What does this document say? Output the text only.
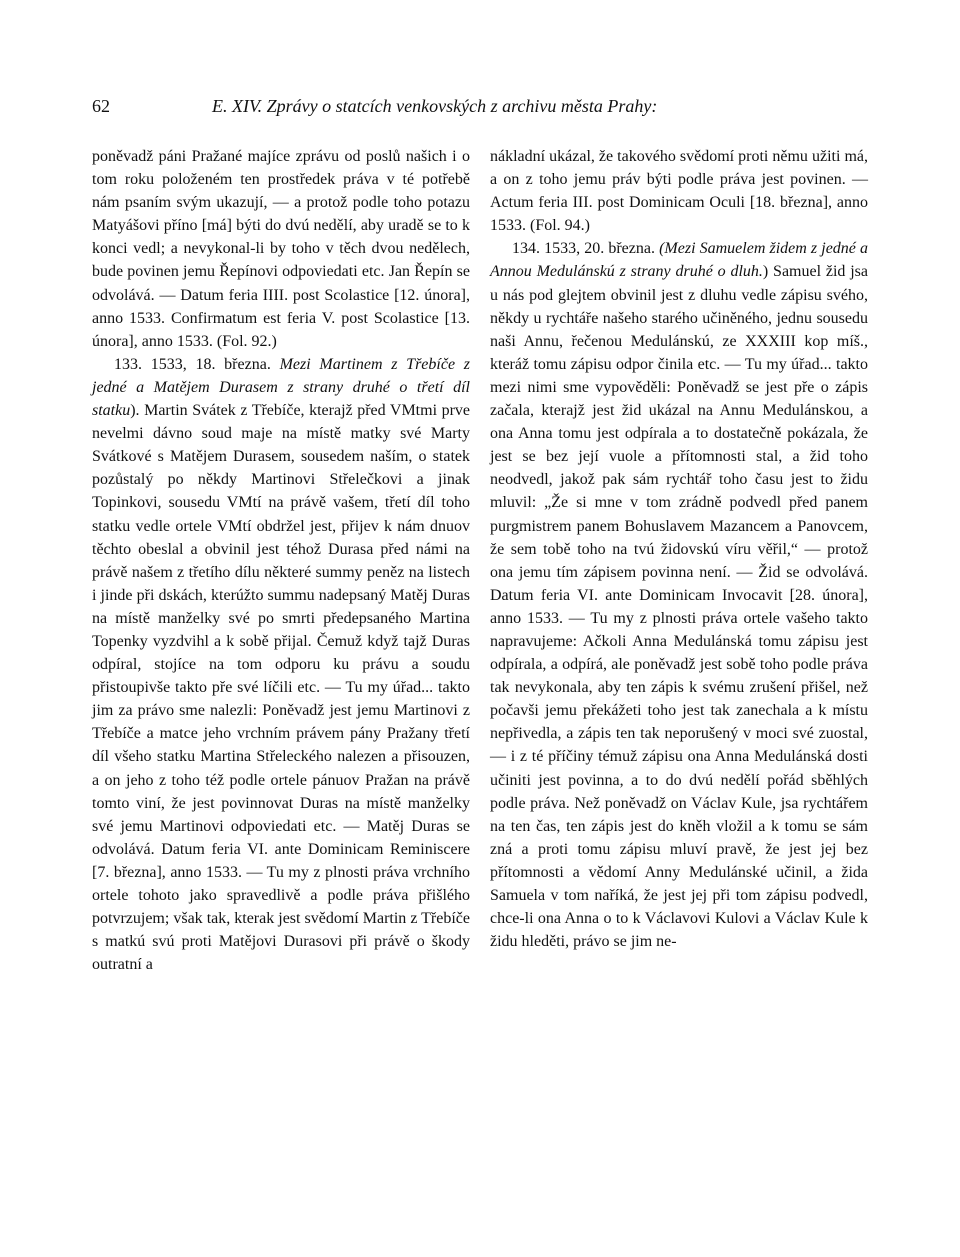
62	E. XIV. Zprávy o statcích venkovských z archivu města Prahy:

poněvadž páni Pražané majíce zprávu od poslů našich i o tom roku položeném ten prostředek práva v té potřebě nám psaním svým ukazují, — a protož podle toho potazu Matyášovi příno [má] býti do dvú nedělí, aby uradě se to k konci vedl; a nevykonal-li by toho v těch dvou nedělech, bude povinen jemu Řepínovi odpoviedati etc. Jan Řepín se odvolává. — Datum feria IIII. post Scolastice [12. února], anno 1533. Confirmatum est feria V. post Scolastice [13. února], anno 1533. (Fol. 92.)

133. 1533, 18. března. Mezi Martinem z Třebíče z jedné a Matějem Durasem z strany druhé o třetí díl statku). Martin Svátek z Třebíče, kterajž před VMtmi prve nevelmi dávno soud maje na místě matky své Marty Svátkové s Matějem Durasem, sousedem naším, o statek pozůstalý po někdy Martinovi Střelečkovi a jinak Topinkovi, sousedu VMtí na právě vašem, třetí díl toho statku vedle ortele VMtí obdržel jest, přijev k nám dnuov těchto obeslal a obvinil jest téhož Durasa před námi na právě našem z třetího dílu některé summy peněz na listech i jinde při dskách, kterúžto summu nadepsaný Matěj Duras na místě manželky své po smrti předepsaného Martina Topenky vyzdvihl a k sobě přijal. Čemuž když tajž Duras odpíral, stojíce na tom odporu ku právu a soudu přistoupivše takto pře své líčili etc. — Tu my úřad... takto jim za právo sme nalezli: Poněvadž jest jemu Martinovi z Třebíče a matce jeho vrchním právem pány Pražany třetí díl všeho statku Martina Střeleckého nalezen a přisouzen, a on jeho z toho též podle ortele pánuov Pražan na právě tomto viní, že jest povinnovat Duras na místě manželky své jemu Martinovi odpoviedati etc. — Matěj Duras se odvolává. Datum feria VI. ante Dominicam Reminiscere [7. března], anno 1533. — Tu my z plnosti práva vrchního ortele tohoto jako spravedlivě a podle práva přišlého potvrzujem; však tak, kterak jest svědomí Martin z Třebíče s matkú svú proti Matějovi Durasovi při právě o škody outratní a

nákladní ukázal, že takového svědomí proti němu užiti má, a on z toho jemu práv býti podle práva jest povinen. — Actum feria III. post Dominicam Oculi [18. března], anno 1533. (Fol. 94.)

134. 1533, 20. března. (Mezi Samuelem židem z jedné a Annou Medulánskú z strany druhé o dluh.) Samuel žid jsa u nás pod glejtem obvinil jest z dluhu vedle zápisu svého, někdy u rychtáře našeho starého učiněného, jednu sousedu naši Annu, řečenou Medulánskú, ze XXXIII kop míš., kteráž tomu zápisu odpor činila etc. — Tu my úřad... takto mezi nimi sme vypověděli: Poněvadž se jest pře o zápis začala, kterajž jest žid ukázal na Annu Medulánskou, a ona Anna tomu jest odpírala a to dostatečně pokázala, že jest se bez její vuole a přítomnosti stal, a žid toho neodvedl, jakož pak sám rychtář toho času jest to židu mluvil: „Že si mne v tom zrádně podvedl před panem purgmistrem panem Bohuslavem Mazancem a Panovcem, že sem tobě toho na tvú židovskú víru věřil,“ — protož ona jemu tím zápisem povinna není. — Žid se odvolává. Datum feria VI. ante Dominicam Invocavit [28. února], anno 1533. — Tu my z plnosti práva ortele vašeho takto napravujeme: Ačkoli Anna Medulánská tomu zápisu jest odpírala, a odpírá, ale poněvadž jest sobě toho podle práva tak nevykonala, aby ten zápis k svému zrušení přišel, než počavši jemu překážeti toho jest tak zanechala a k místu nepřivedla, a zápis ten tak neporušený v moci své zuostal, — i z té příčiny témuž zápisu ona Anna Medulánská dosti učiniti jest povinna, a to do dvú nedělí pořád sběhlých podle práva. Než poněvadž on Václav Kule, jsa rychtářem na ten čas, ten zápis jest do kněh vložil a k tomu se sám zná a proti tomu zápisu mluví pravě, že jest jej bez přítomnosti a vědomí Anny Medulánské učinil, a žida Samuela v tom naříká, že jest jej při tom zápisu podvedl, chce-li ona Anna o to k Václavovi Kulovi a Václav Kule k židu hleděti, právo se jim ne-
